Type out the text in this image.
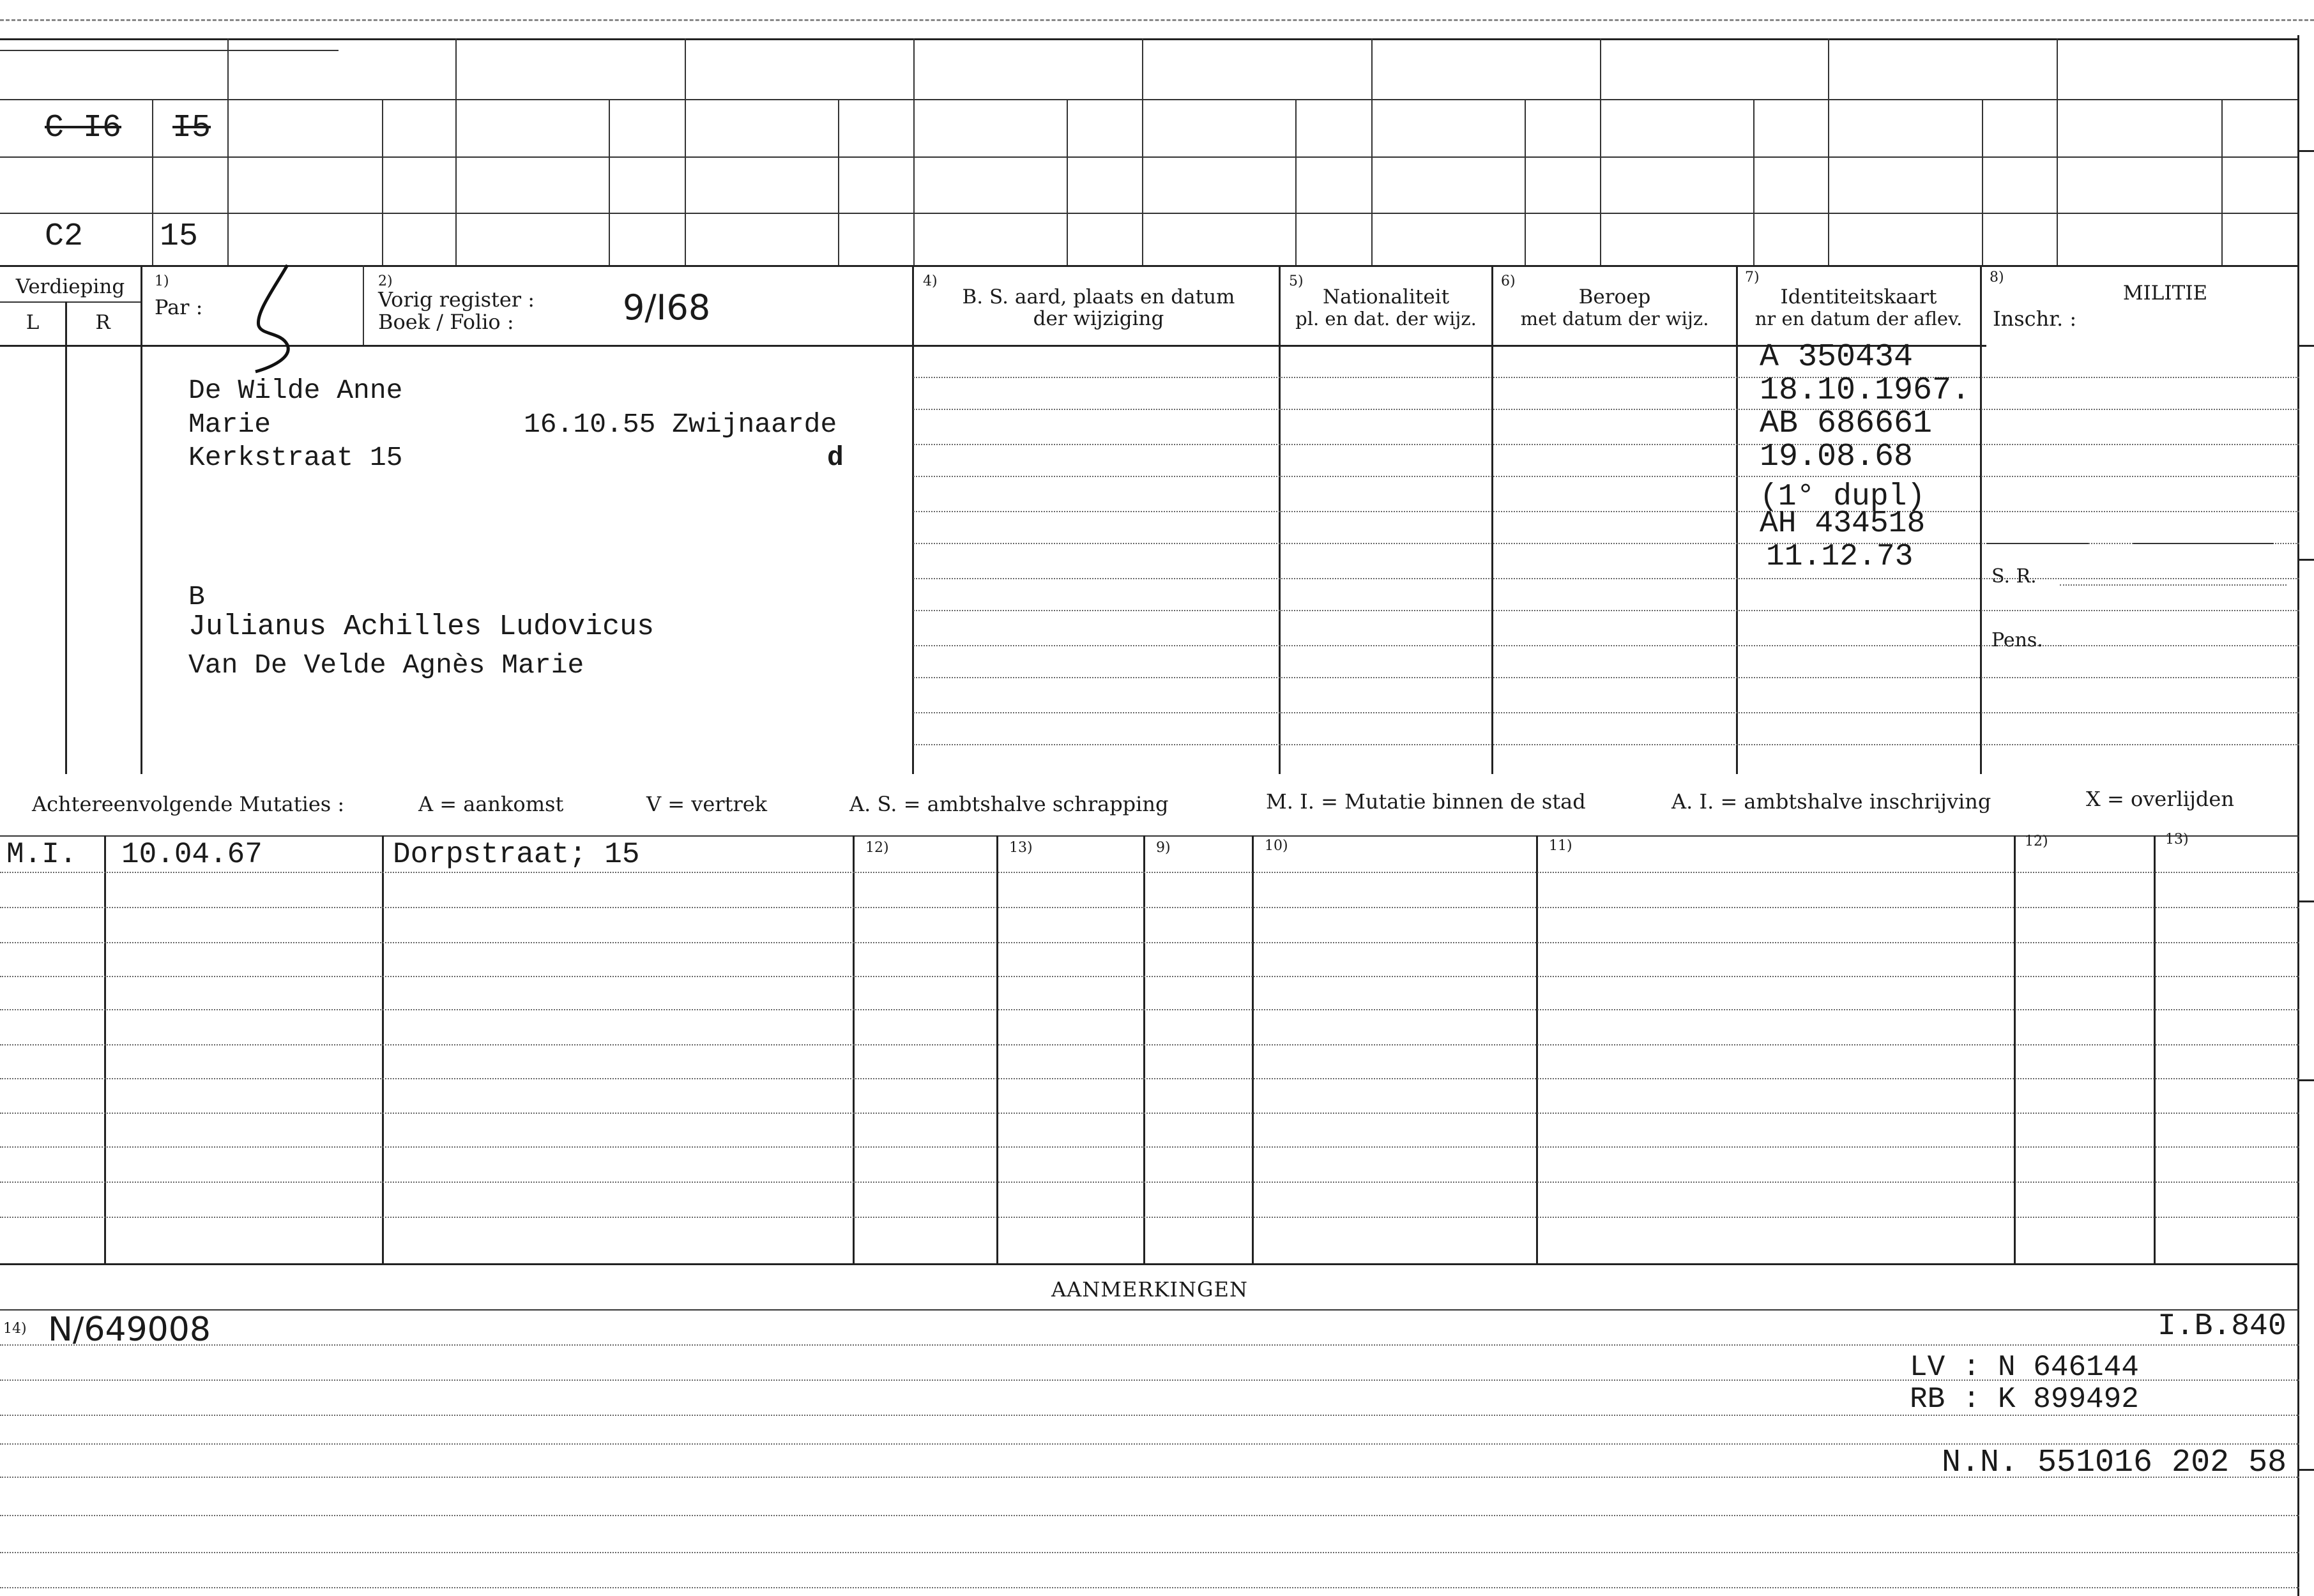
C I6 I5
C2 15
Verdieping
L	R
1)
Par :
2)
Vorig register :
Boek / Folio :	9/I68
4)
B. S. aard, plaats en datum
der wijziging
5)
Nationaliteit
pl. en dat. der wijz.
6)
Beroep
met datum der wijz.
7)
Identiteitskaart
nr en datum der aflev.
8)
MILITIE
Inschr. :
De Wilde Anne
Marie	16.10.55 Zwijnaarde
Kerkstraat 15	d
B
Julianus Achilles Ludovicus
Van De Velde Agnès Marie
A 350434
18.10.1967.
AB 686661
19.08.68
(1° dupl)
AH 434518
11.12.73
S. R.
Pens.
Achtereenvolgende Mutaties :	A = aankomst	V = vertrek	A. S. = ambtshalve schrapping	M. I. = Mutatie binnen de stad	A. I. = ambtshalve inschrijving	X = overlijden
12)	13)	9)	10)	11)	12)	13)
M.I. 10.04.67	Dorpstraat; 15
AANMERKINGEN
14) N/649008	I.B.840
LV : N 646144
RB : K 899492
N.N. 551016 202 58
